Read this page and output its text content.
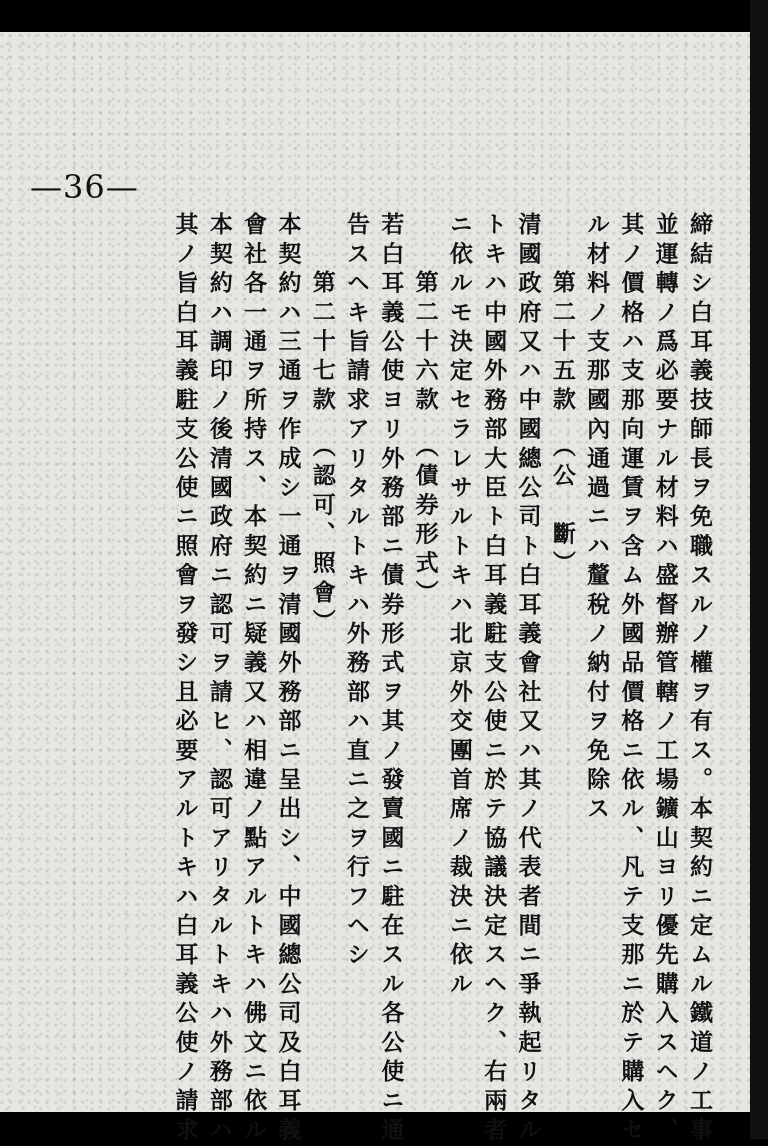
—36—
締結シ白耳義技師長ヲ免職スルノ權ヲ有ス。本契約ニ定ムル鐵道ノ工事
並運轉ノ爲必要ナル材料ハ盛督辦管轄ノ工場鑛山ヨリ優先購入スヘク、
其ノ價格ハ支那向運賃ヲ含ム外國品價格ニ依ル、凡テ支那ニ於テ購入セ
ル材料ノ支那國內通過ニハ釐稅ノ納付ヲ免除ス
第二十五款　（公　斷）
清國政府又ハ中國總公司ト白耳義會社又ハ其ノ代表者間ニ爭執起リタル
トキハ中國外務部大臣ト白耳義駐支公使ニ於テ協議決定スヘク、右兩者
ニ依ルモ決定セラレサルトキハ北京外交團首席ノ裁決ニ依ル
第二十六款　（債券形式）
若白耳義公使ヨリ外務部ニ債券形式ヲ其ノ發賣國ニ駐在スル各公使ニ通
告スヘキ旨請求アリタルトキハ外務部ハ直ニ之ヲ行フヘシ
第二十七款　（認可、照會）
本契約ハ三通ヲ作成シ一通ヲ清國外務部ニ呈出シ、中國總公司及白耳義
會社各一通ヲ所持ス、本契約ニ疑義又ハ相違ノ點アルトキハ佛文ニ依ル
本契約ハ調印ノ後清國政府ニ認可ヲ請ヒ、認可アリタルトキハ外務部ハ
其ノ旨白耳義駐支公使ニ照會ヲ發シ且必要アルトキハ白耳義公使ノ請求
